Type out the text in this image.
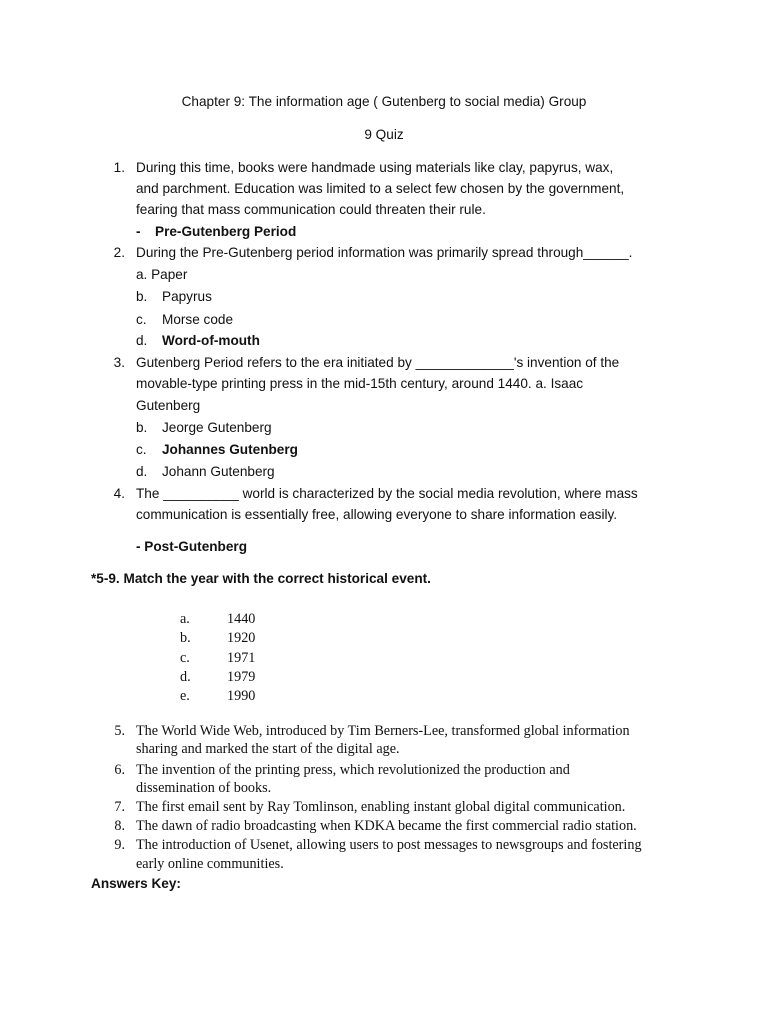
Chapter 9: The information age ( Gutenberg to social media) Group
9 Quiz
1. During this time, books were handmade using materials like clay, papyrus, wax,
and parchment. Education was limited to a select few chosen by the government,
fearing that mass communication could threaten their rule.
- Pre-Gutenberg Period
2. During the Pre-Gutenberg period information was primarily spread through______.
a. Paper
b. Papyrus
c. Morse code
d. Word-of-mouth
3. Gutenberg Period refers to the era initiated by _____________'s invention of the
movable-type printing press in the mid-15th century, around 1440. a. Isaac
Gutenberg
b. Jeorge Gutenberg
c. Johannes Gutenberg
d. Johann Gutenberg
4. The __________ world is characterized by the social media revolution, where mass
communication is essentially free, allowing everyone to share information easily.
- Post-Gutenberg
*5-9. Match the year with the correct historical event.
a.	1440
b.	1920
c.	1971
d.	1979
e.	1990
5. The World Wide Web, introduced by Tim Berners-Lee, transformed global information
sharing and marked the start of the digital age.
6. The invention of the printing press, which revolutionized the production and
dissemination of books.
7. The first email sent by Ray Tomlinson, enabling instant global digital communication.
8. The dawn of radio broadcasting when KDKA became the first commercial radio station.
9. The introduction of Usenet, allowing users to post messages to newsgroups and fostering
early online communities.
Answers Key:
